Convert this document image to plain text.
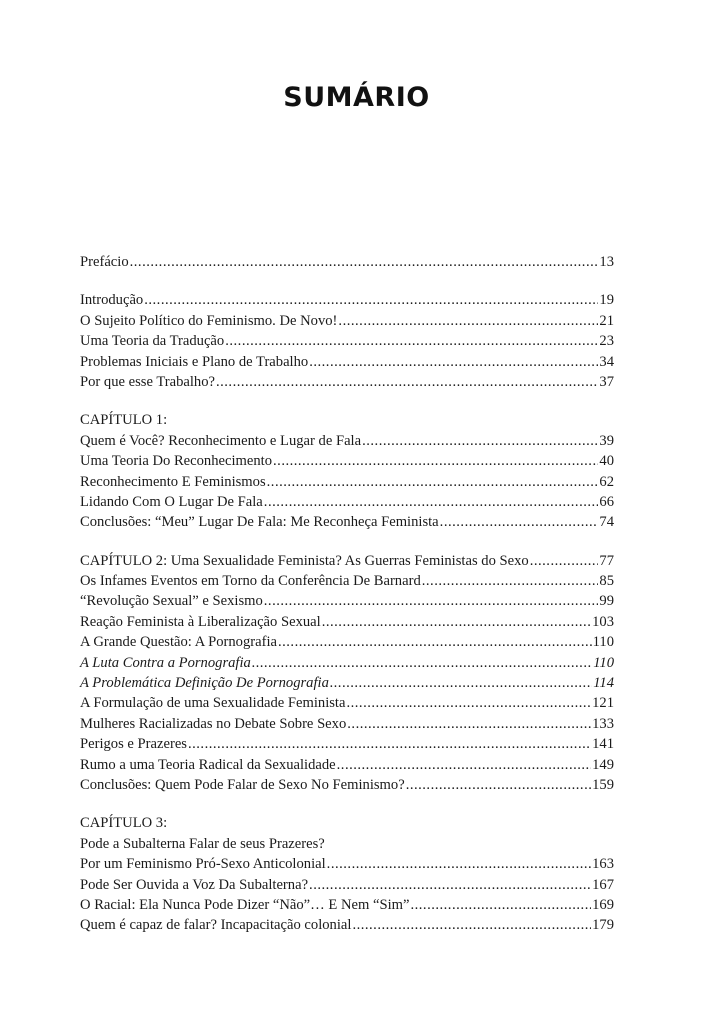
SUMÁRIO
Prefácio .....	13
Introdução .....	19
O Sujeito Político do Feminismo. De Novo! .....	21
Uma Teoria da Tradução .....	23
Problemas Iniciais e Plano de Trabalho .....	34
Por que esse Trabalho? .....	37
CAPÍTULO 1:
Quem é Você? Reconhecimento e Lugar de Fala .....	39
Uma Teoria Do Reconhecimento .....	40
Reconhecimento E Feminismos .....	62
Lidando Com O Lugar De Fala .....	66
Conclusões: “Meu” Lugar De Fala: Me Reconheça Feminista .....	74
CAPÍTULO 2: Uma Sexualidade Feminista? As Guerras Feministas do Sexo .....	77
Os Infames Eventos em Torno da Conferência De Barnard .....	85
“Revolução Sexual” e Sexismo .....	99
Reação Feminista à Liberalização Sexual .....	103
A Grande Questão: A Pornografia .....	110
A Luta Contra a Pornografia .....	110
A Problemática Definição De Pornografia .....	114
A Formulação de uma Sexualidade Feminista .....	121
Mulheres Racializadas no Debate Sobre Sexo .....	133
Perigos e Prazeres .....	141
Rumo a uma Teoria Radical da Sexualidade .....	149
Conclusões: Quem Pode Falar de Sexo No Feminismo? .....	159
CAPÍTULO 3:
Pode a Subalterna Falar de seus Prazeres?
Por um Feminismo Pró-Sexo Anticolonial .....	163
Pode Ser Ouvida a Voz Da Subalterna? .....	167
O Racial: Ela Nunca Pode Dizer “Não”… E Nem “Sim” .....	169
Quem é capaz de falar? Incapacitação colonial .....	179
